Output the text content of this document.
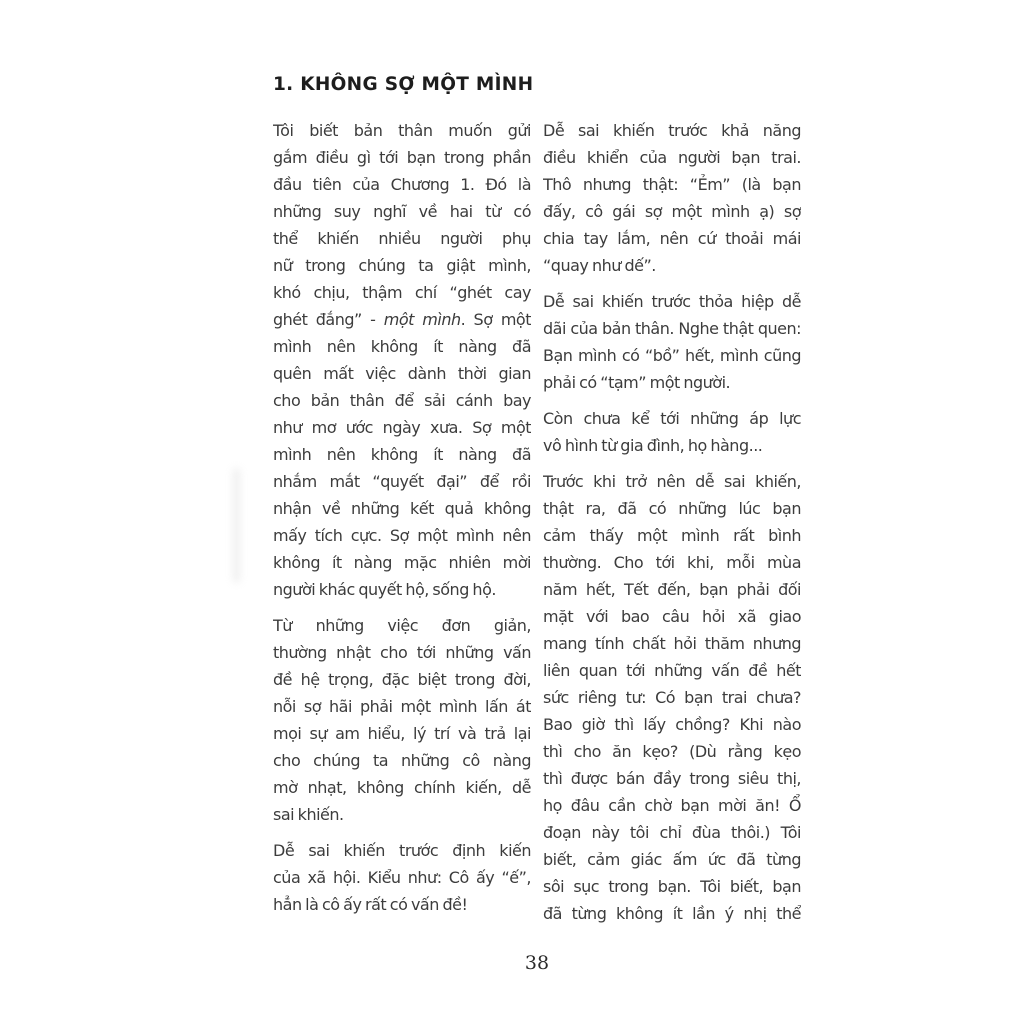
1. KHÔNG SỢ MỘT MÌNH
Tôi biết bản thân muốn gửi
gắm điều gì tới bạn trong phần
đầu tiên của Chương 1. Đó là
những suy nghĩ về hai từ có
thể khiến nhiều người phụ
nữ trong chúng ta giật mình,
khó chịu, thậm chí “ghét cay
ghét đắng” - một mình. Sợ một
mình nên không ít nàng đã
quên mất việc dành thời gian
cho bản thân để sải cánh bay
như mơ ước ngày xưa. Sợ một
mình nên không ít nàng đã
nhắm mắt “quyết đại” để rồi
nhận về những kết quả không
mấy tích cực. Sợ một mình nên
không ít nàng mặc nhiên mời
người khác quyết hộ, sống hộ.
Từ những việc đơn giản,
thường nhật cho tới những vấn
đề hệ trọng, đặc biệt trong đời,
nỗi sợ hãi phải một mình lấn át
mọi sự am hiểu, lý trí và trả lại
cho chúng ta những cô nàng
mờ nhạt, không chính kiến, dễ
sai khiến.
Dễ sai khiến trước định kiến
của xã hội. Kiểu như: Cô ấy “ế”,
hẳn là cô ấy rất có vấn đề!
Dễ sai khiến trước khả năng
điều khiển của người bạn trai.
Thô nhưng thật: “Ẻm” (là bạn
đấy, cô gái sợ một mình ạ) sợ
chia tay lắm, nên cứ thoải mái
“quay như dế”.
Dễ sai khiến trước thỏa hiệp dễ
dãi của bản thân. Nghe thật quen:
Bạn mình có “bồ” hết, mình cũng
phải có “tạm” một người.
Còn chưa kể tới những áp lực
vô hình từ gia đình, họ hàng...
Trước khi trở nên dễ sai khiến,
thật ra, đã có những lúc bạn
cảm thấy một mình rất bình
thường. Cho tới khi, mỗi mùa
năm hết, Tết đến, bạn phải đối
mặt với bao câu hỏi xã giao
mang tính chất hỏi thăm nhưng
liên quan tới những vấn đề hết
sức riêng tư: Có bạn trai chưa?
Bao giờ thì lấy chồng? Khi nào
thì cho ăn kẹo? (Dù rằng kẹo
thì được bán đầy trong siêu thị,
họ đâu cần chờ bạn mời ăn! Ổ
đoạn này tôi chỉ đùa thôi.) Tôi
biết, cảm giác ấm ức đã từng
sôi sục trong bạn. Tôi biết, bạn
đã từng không ít lần ý nhị thể
38
